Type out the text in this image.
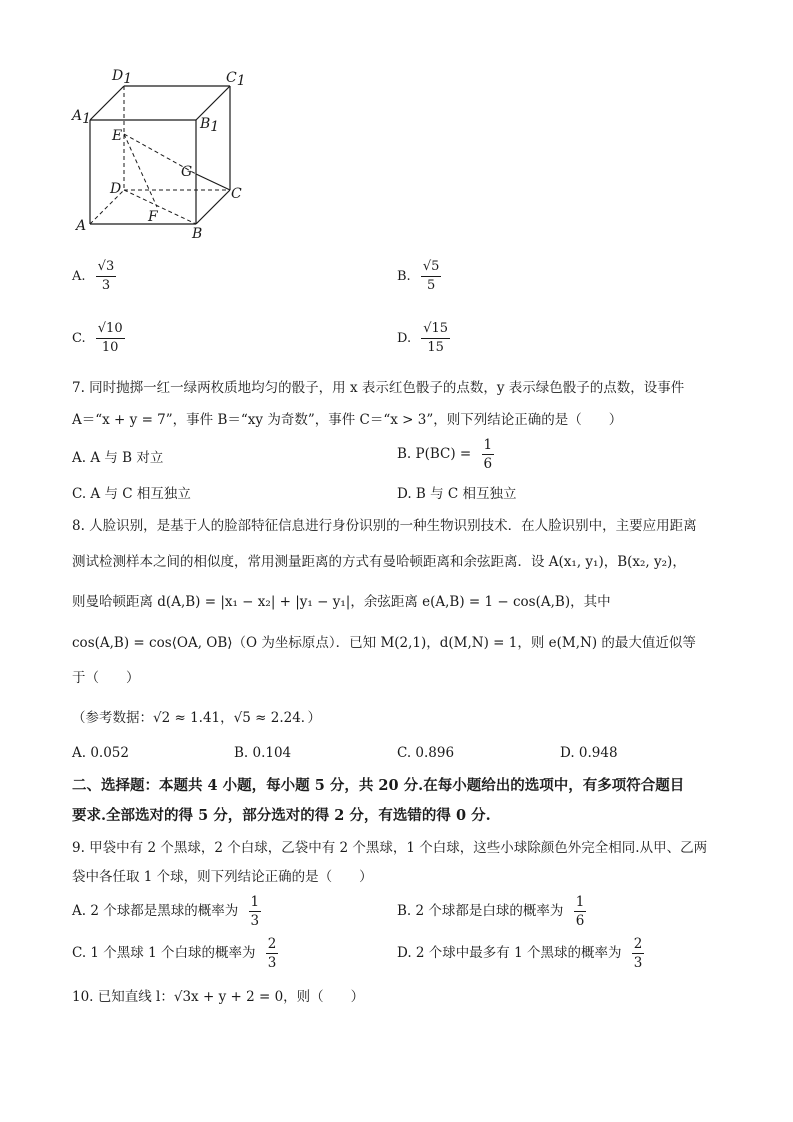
D1	C1
A1	B1
E
G
D	C
F
A	B
A. $\frac{√3}{3}$	B. $\frac{√5}{5}$
C. $\frac{√10}{10}$	D. $\frac{√15}{15}$
7. 同时抛掷一红一绿两枚质地均匀的骰子，用 x 表示红色骰子的点数，y 表示绿色骰子的点数，设事件
A＝“x + y = 7”，事件 B＝“xy 为奇数”，事件 C＝“x > 3”，则下列结论正确的是（　　）
A. A 与 B 对立	B. $P(BC) = \frac{1}{6}$
C. A 与 C 相互独立	D. B 与 C 相互独立
8. 人脸识别，是基于人的脸部特征信息进行身份识别的一种生物识别技术．在人脸识别中，主要应用距离
测试检测样本之间的相似度，常用测量距离的方式有曼哈顿距离和余弦距离．设 A(x₁, y₁)，B(x₂, y₂)，
则曼哈顿距离 d(A,B) = |x₁ − x₂| + |y₁ − y₁|，余弦距离 e(A,B) = 1 − cos(A,B)，其中
cos(A,B) = cos⟨OA, OB⟩（O 为坐标原点）．已知 M(2,1)，d(M,N) = 1，则 e(M,N) 的最大值近似等
于（　　）
（参考数据：√2 ≈ 1.41，√5 ≈ 2.24．）
A. 0.052	B. 0.104	C. 0.896	D. 0.948
二、选择题：本题共 4 小题，每小题 5 分，共 20 分.在每小题给出的选项中，有多项符合题目
要求.全部选对的得 5 分，部分选对的得 2 分，有选错的得 0 分.
9. 甲袋中有 2 个黑球，2 个白球，乙袋中有 2 个黑球，1 个白球，这些小球除颜色外完全相同.从甲、乙两
袋中各任取 1 个球，则下列结论正确的是（　　）
A. 2 个球都是黑球的概率为 $\frac{1}{3}$	B. 2 个球都是白球的概率为 $\frac{1}{6}$
C. 1 个黑球 1 个白球的概率为 $\frac{2}{3}$	D. 2 个球中最多有 1 个黑球的概率为 $\frac{2}{3}$
10. 已知直线 l：√3x + y + 2 = 0，则（　　）
